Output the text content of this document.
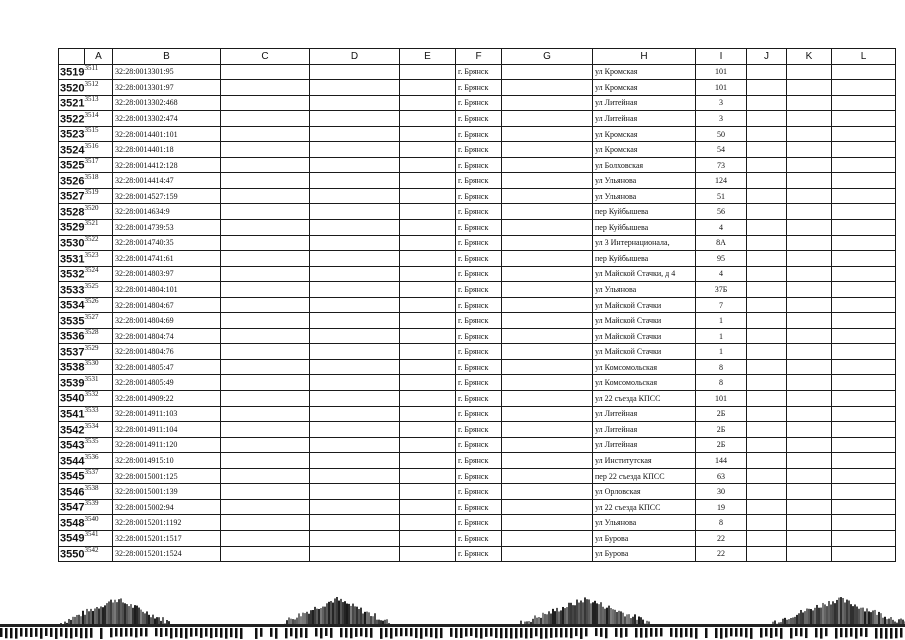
	A	B	C	D	E	F	G	H	I	J	K	L
$3519^{3511}$		32:28:0013301:95				г. Брянск		ул Кромская	101			
$3520^{3512}$		32:28:0013301:97				г. Брянск		ул Кромская	101			
$3521^{3513}$		32:28:0013302:468				г. Брянск		ул Литейная	3			
$3522^{3514}$		32:28:0013302:474				г. Брянск		ул Литейная	3			
$3523^{3515}$		32:28:0014401:101				г. Брянск		ул Кромская	50			
$3524^{3516}$		32:28:0014401:18				г. Брянск		ул Кромская	54			
$3525^{3517}$		32:28:0014412:128				г. Брянск		ул Болховская	73			
$3526^{3518}$		32:28:0014414:47				г. Брянск		ул Ульянова	124			
$3527^{3519}$		32:28:0014527:159				г. Брянск		ул Ульянова	51			
$3528^{3520}$		32:28:0014634:9				г. Брянск		пер Куйбышева	56			
$3529^{3521}$		32:28:0014739:53				г. Брянск		пер Куйбышева	4			
$3530^{3522}$		32:28:0014740:35				г. Брянск		ул 3 Интернационала,	8А			
$3531^{3523}$		32:28:0014741:61				г. Брянск		пер Куйбышева	95			
$3532^{3524}$		32:28:0014803:97				г. Брянск		ул Майской Стачки, д 4	4			
$3533^{3525}$		32:28:0014804:101				г. Брянск		ул Ульянова	37Б			
$3534^{3526}$		32:28:0014804:67				г. Брянск		ул Майской Стачки	7			
$3535^{3527}$		32:28:0014804:69				г. Брянск		ул Майской Стачки	1			
$3536^{3528}$		32:28:0014804:74				г. Брянск		ул Майской Стачки	1			
$3537^{3529}$		32:28:0014804:76				г. Брянск		ул Майской Стачки	1			
$3538^{3530}$		32:28:0014805:47				г. Брянск		ул Комсомольская	8			
$3539^{3531}$		32:28:0014805:49				г. Брянск		ул Комсомольская	8			
$3540^{3532}$		32:28:0014909:22				г. Брянск		ул 22 съезда КПСС	101			
$3541^{3533}$		32:28:0014911:103				г. Брянск		ул Литейная	2Б			
$3542^{3534}$		32:28:0014911:104				г. Брянск		ул Литейная	2Б			
$3543^{3535}$		32:28:0014911:120				г. Брянск		ул Литейная	2Б			
$3544^{3536}$		32:28:0014915:10				г. Брянск		ул Институтская	144			
$3545^{3537}$		32:28:0015001:125				г. Брянск		пер 22 съезда КПСС	63			
$3546^{3538}$		32:28:0015001:139				г. Брянск		ул Орловская	30			
$3547^{3539}$		32:28:0015002:94				г. Брянск		ул 22 съезда КПСС	19			
$3548^{3540}$		32:28:0015201:1192				г. Брянск		ул Ульянова	8			
$3549^{3541}$		32:28:0015201:1517				г. Брянск		ул Бурова	22			
$3550^{3542}$		32:28:0015201:1524				г. Брянск		ул Бурова	22			
